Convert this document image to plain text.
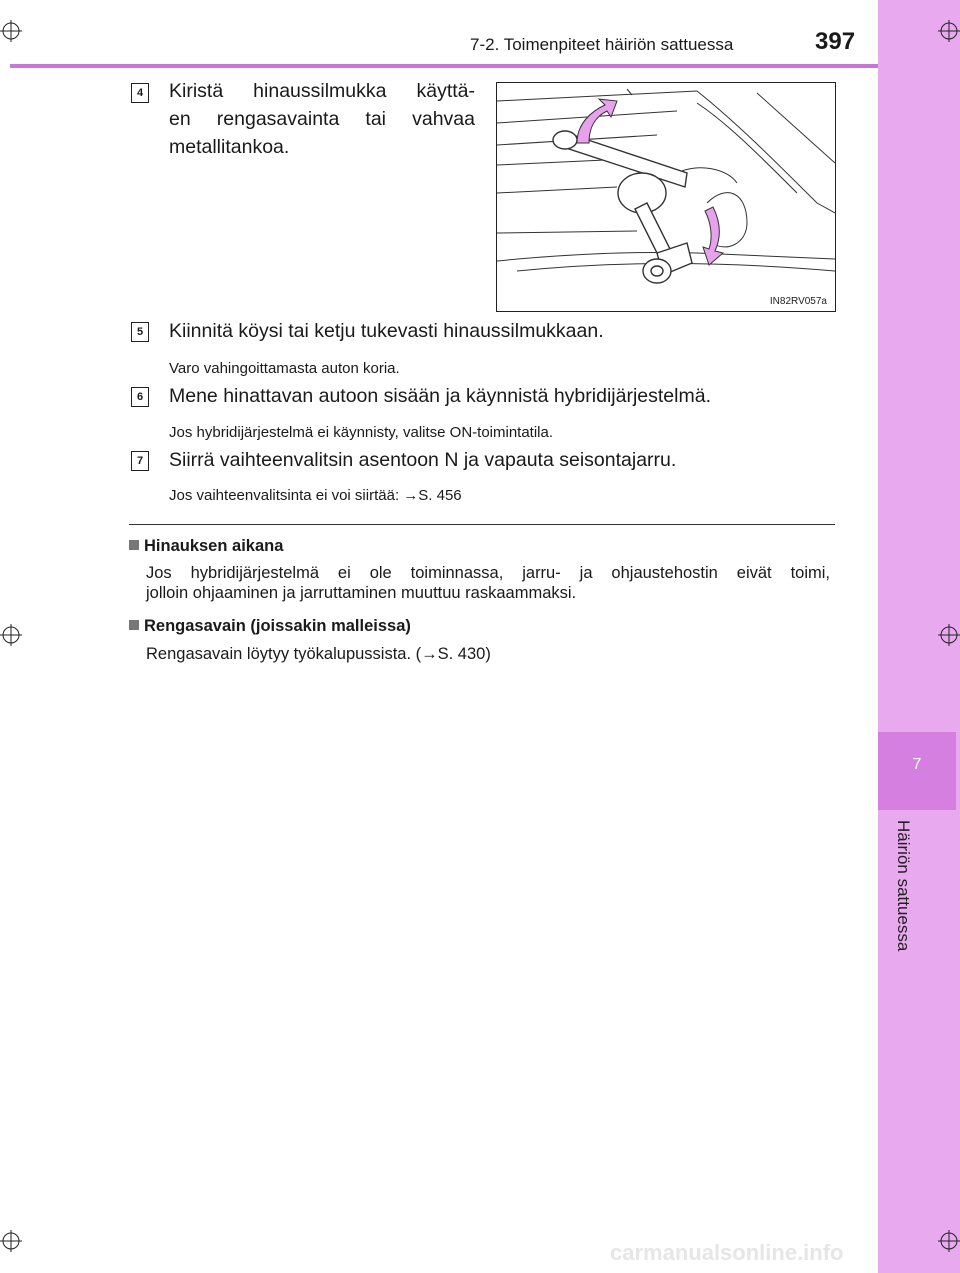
7
Häiriön sattuessa
7-2. Toimenpiteet häiriön sattuessa	397
4	Kiristä hinaussilmukka käyttä-
en rengasavainta tai vahvaa
metallitankoa.
IN82RV057a
5	Kiinnitä köysi tai ketju tukevasti hinaussilmukkaan.
Varo vahingoittamasta auton koria.
6	Mene hinattavan autoon sisään ja käynnistä hybridijärjestelmä.
Jos hybridijärjestelmä ei käynnisty, valitse ON-toimintatila.
7	Siirrä vaihteenvalitsin asentoon N ja vapauta seisontajarru.
Jos vaihteenvalitsinta ei voi siirtää: →S. 456
Hinauksen aikana
Jos hybridijärjestelmä ei ole toiminnassa, jarru- ja ohjaustehostin eivät toimi,
jolloin ohjaaminen ja jarruttaminen muuttuu raskaammaksi.
Rengasavain (joissakin malleissa)
Rengasavain löytyy työkalupussista. (→S. 430)
carmanualsonline.info
